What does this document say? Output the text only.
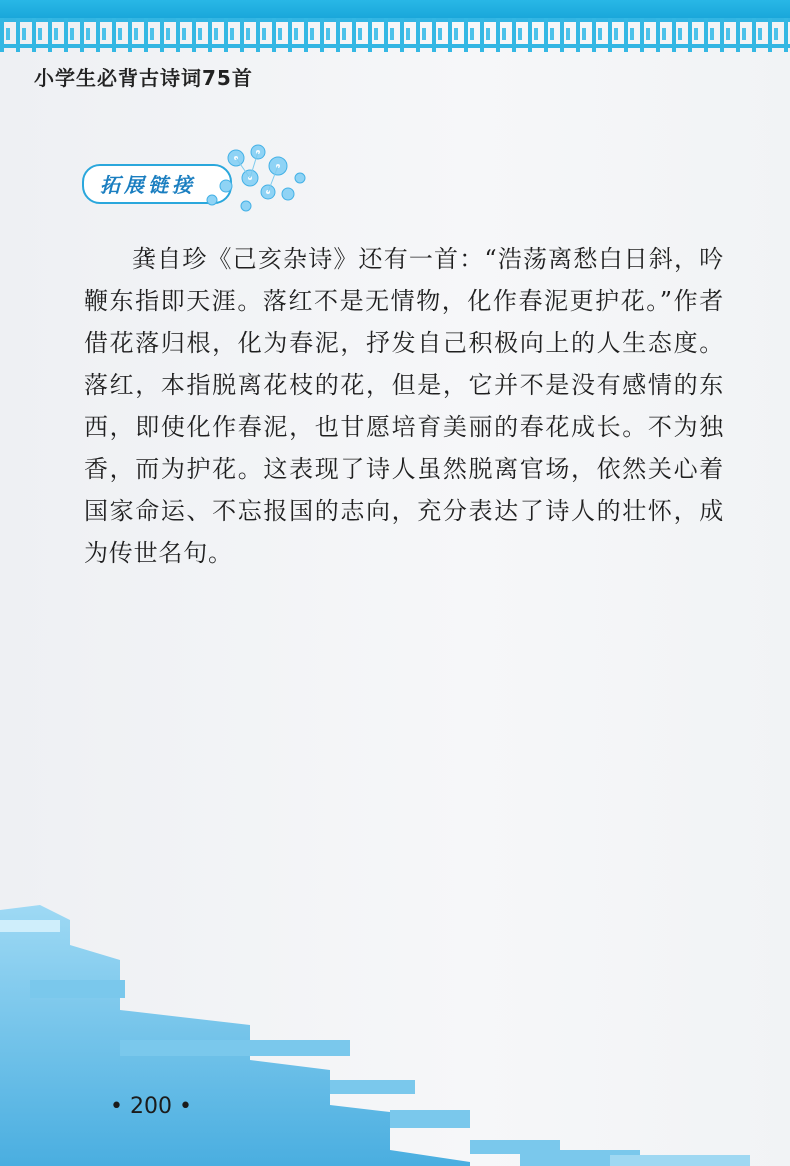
小学生必背古诗词75首
拓展链接
龚自珍《己亥杂诗》还有一首：“浩荡离愁白日斜，吟鞭东指即天涯。落红不是无情物，化作春泥更护花。”作者借花落归根，化为春泥，抒发自己积极向上的人生态度。落红，本指脱离花枝的花，但是，它并不是没有感情的东西，即使化作春泥，也甘愿培育美丽的春花成长。不为独香，而为护花。这表现了诗人虽然脱离官场，依然关心着国家命运、不忘报国的志向，充分表达了诗人的壮怀，成为传世名句。
• 200 •
